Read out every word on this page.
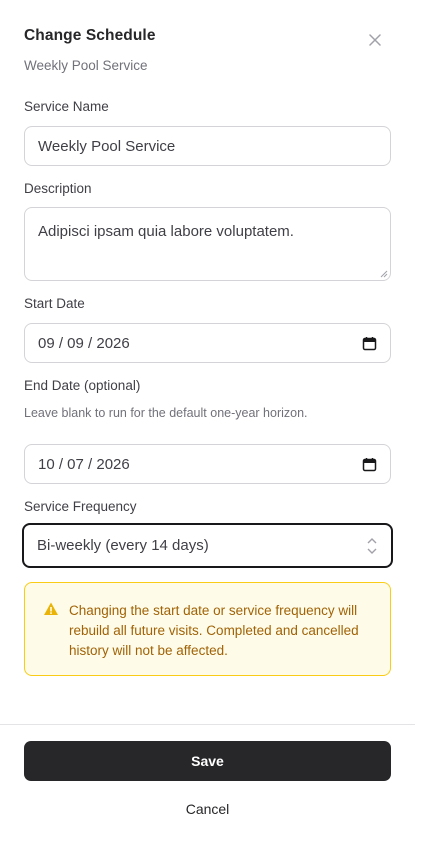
Change Schedule
Weekly Pool Service
Service Name
Weekly Pool Service
Description
Adipisci ipsam quia labore voluptatem.
Start Date
09 / 09 / 2026
End Date (optional)
Leave blank to run for the default one-year horizon.
10 / 07 / 2026
Service Frequency
Bi-weekly (every 14 days)
Changing the start date or service frequency will rebuild all future visits. Completed and cancelled history will not be affected.
Save
Cancel
